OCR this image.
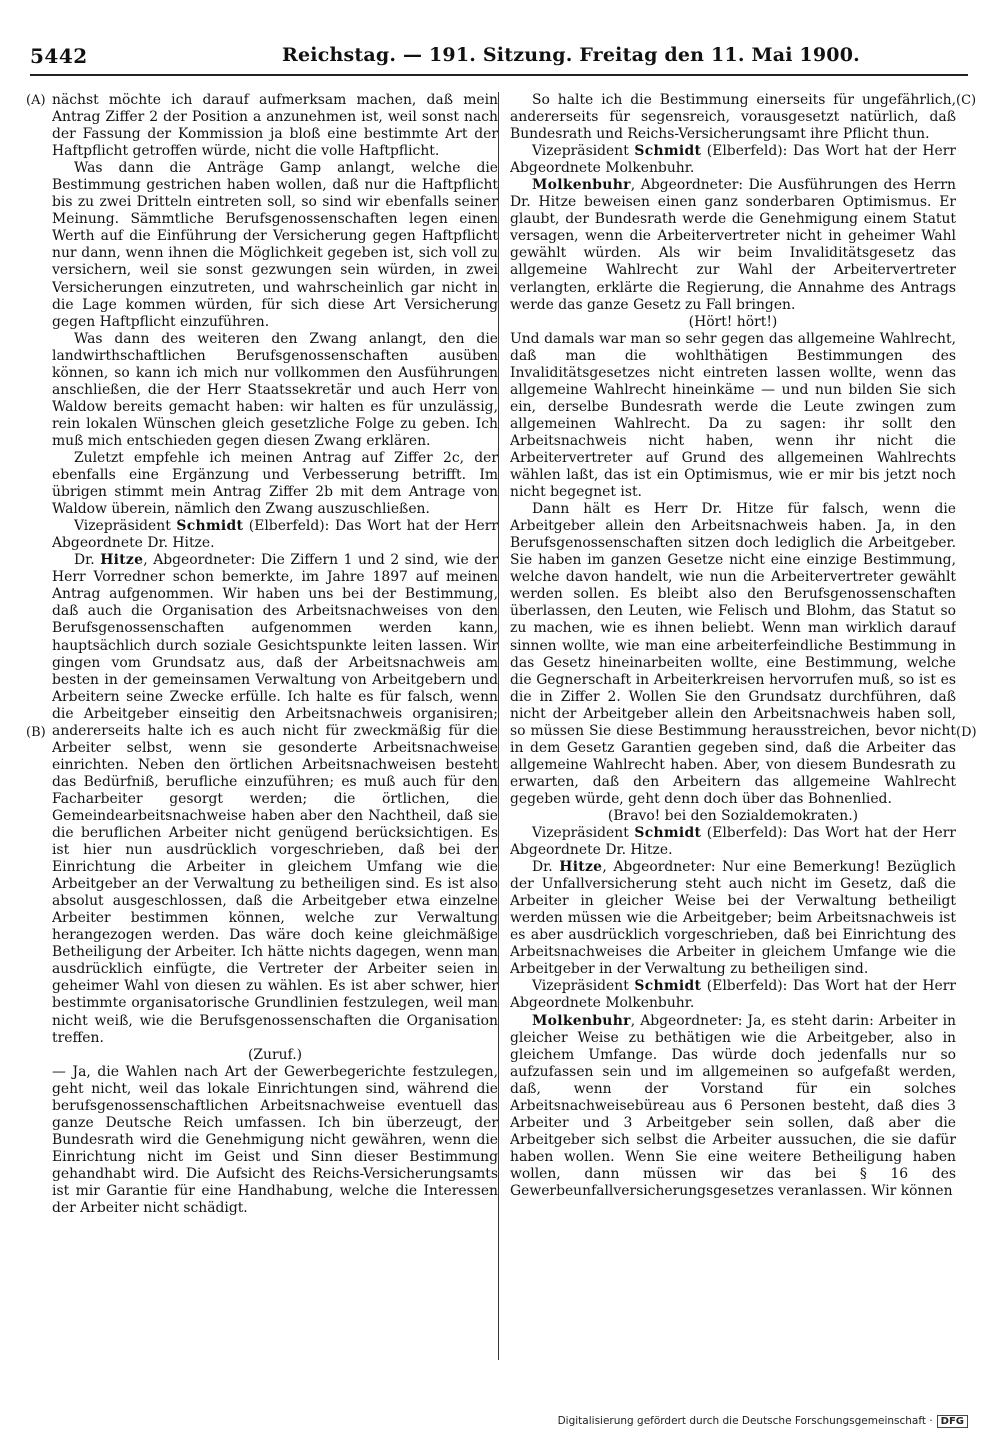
5442	Reichstag. — 191. Sitzung. Freitag den 11. Mai 1900.
(A)
(B)
(C)
(D)

nächst möchte ich darauf aufmerksam machen, daß mein Antrag Ziffer 2 der Position a anzunehmen ist, weil sonst nach der Fassung der Kommission ja bloß eine bestimmte Art der Haftpflicht getroffen würde, nicht die volle Haftpflicht.

Was dann die Anträge Gamp anlangt, welche die Bestimmung gestrichen haben wollen, daß nur die Haftpflicht bis zu zwei Dritteln eintreten soll, so sind wir ebenfalls seiner Meinung. Sämmtliche Berufsgenossenschaften legen einen Werth auf die Einführung der Versicherung gegen Haftpflicht nur dann, wenn ihnen die Möglichkeit gegeben ist, sich voll zu versichern, weil sie sonst gezwungen sein würden, in zwei Versicherungen einzutreten, und wahrscheinlich gar nicht in die Lage kommen würden, für sich diese Art Versicherung gegen Haftpflicht einzuführen.

Was dann des weiteren den Zwang anlangt, den die landwirthschaftlichen Berufsgenossenschaften ausüben können, so kann ich mich nur vollkommen den Ausführungen anschließen, die der Herr Staatssekretär und auch Herr von Waldow bereits gemacht haben: wir halten es für unzulässig, rein lokalen Wünschen gleich gesetzliche Folge zu geben. Ich muß mich entschieden gegen diesen Zwang erklären.

Zuletzt empfehle ich meinen Antrag auf Ziffer 2c, der ebenfalls eine Ergänzung und Verbesserung betrifft. Im übrigen stimmt mein Antrag Ziffer 2b mit dem Antrage von Waldow überein, nämlich den Zwang auszuschließen.

Vizepräsident Schmidt (Elberfeld): Das Wort hat der Herr Abgeordnete Dr. Hitze.

Dr. Hitze, Abgeordneter: Die Ziffern 1 und 2 sind, wie der Herr Vorredner schon bemerkte, im Jahre 1897 auf meinen Antrag aufgenommen. Wir haben uns bei der Bestimmung, daß auch die Organisation des Arbeitsnachweises von den Berufsgenossenschaften aufgenommen werden kann, hauptsächlich durch soziale Gesichtspunkte leiten lassen. Wir gingen vom Grundsatz aus, daß der Arbeitsnachweis am besten in der gemeinsamen Verwaltung von Arbeitgebern und Arbeitern seine Zwecke erfülle. Ich halte es für falsch, wenn die Arbeitgeber einseitig den Arbeitsnachweis organisiren; andererseits halte ich es auch nicht für zweckmäßig für die Arbeiter selbst, wenn sie gesonderte Arbeitsnachweise einrichten. Neben den örtlichen Arbeitsnachweisen besteht das Bedürfniß, berufliche einzuführen; es muß auch für den Facharbeiter gesorgt werden; die örtlichen, die Gemeindearbeitsnachweise haben aber den Nachtheil, daß sie die beruflichen Arbeiter nicht genügend berücksichtigen. Es ist hier nun ausdrücklich vorgeschrieben, daß bei der Einrichtung die Arbeiter in gleichem Umfang wie die Arbeitgeber an der Verwaltung zu betheiligen sind. Es ist also absolut ausgeschlossen, daß die Arbeitgeber etwa einzelne Arbeiter bestimmen können, welche zur Verwaltung herangezogen werden. Das wäre doch keine gleichmäßige Betheiligung der Arbeiter. Ich hätte nichts dagegen, wenn man ausdrücklich einfügte, die Vertreter der Arbeiter seien in geheimer Wahl von diesen zu wählen. Es ist aber schwer, hier bestimmte organisatorische Grundlinien festzulegen, weil man nicht weiß, wie die Berufsgenossenschaften die Organisation treffen.

(Zuruf.)

— Ja, die Wahlen nach Art der Gewerbegerichte festzulegen, geht nicht, weil das lokale Einrichtungen sind, während die berufsgenossenschaftlichen Arbeitsnachweise eventuell das ganze Deutsche Reich umfassen. Ich bin überzeugt, der Bundesrath wird die Genehmigung nicht gewähren, wenn die Einrichtung nicht im Geist und Sinn dieser Bestimmung gehandhabt wird. Die Aufsicht des Reichs-Versicherungsamts ist mir Garantie für eine Handhabung, welche die Interessen der Arbeiter nicht schädigt.

So halte ich die Bestimmung einerseits für ungefährlich, andererseits für segensreich, vorausgesetzt natürlich, daß Bundesrath und Reichs-Versicherungsamt ihre Pflicht thun.

Vizepräsident Schmidt (Elberfeld): Das Wort hat der Herr Abgeordnete Molkenbuhr.

Molkenbuhr, Abgeordneter: Die Ausführungen des Herrn Dr. Hitze beweisen einen ganz sonderbaren Optimismus. Er glaubt, der Bundesrath werde die Genehmigung einem Statut versagen, wenn die Arbeitervertreter nicht in geheimer Wahl gewählt würden. Als wir beim Invaliditätsgesetz das allgemeine Wahlrecht zur Wahl der Arbeitervertreter verlangten, erklärte die Regierung, die Annahme des Antrags werde das ganze Gesetz zu Fall bringen.

(Hört! hört!)

Und damals war man so sehr gegen das allgemeine Wahlrecht, daß man die wohlthätigen Bestimmungen des Invaliditätsgesetzes nicht eintreten lassen wollte, wenn das allgemeine Wahlrecht hineinkäme — und nun bilden Sie sich ein, derselbe Bundesrath werde die Leute zwingen zum allgemeinen Wahlrecht. Da zu sagen: ihr sollt den Arbeitsnachweis nicht haben, wenn ihr nicht die Arbeitervertreter auf Grund des allgemeinen Wahlrechts wählen laßt, das ist ein Optimismus, wie er mir bis jetzt noch nicht begegnet ist.

Dann hält es Herr Dr. Hitze für falsch, wenn die Arbeitgeber allein den Arbeitsnachweis haben. Ja, in den Berufsgenossenschaften sitzen doch lediglich die Arbeitgeber. Sie haben im ganzen Gesetze nicht eine einzige Bestimmung, welche davon handelt, wie nun die Arbeitervertreter gewählt werden sollen. Es bleibt also den Berufsgenossenschaften überlassen, den Leuten, wie Felisch und Blohm, das Statut so zu machen, wie es ihnen beliebt. Wenn man wirklich darauf sinnen wollte, wie man eine arbeiterfeindliche Bestimmung in das Gesetz hineinarbeiten wollte, eine Bestimmung, welche die Gegnerschaft in Arbeiterkreisen hervorrufen muß, so ist es die in Ziffer 2. Wollen Sie den Grundsatz durchführen, daß nicht der Arbeitgeber allein den Arbeitsnachweis haben soll, so müssen Sie diese Bestimmung herausstreichen, bevor nicht in dem Gesetz Garantien gegeben sind, daß die Arbeiter das allgemeine Wahlrecht haben. Aber, von diesem Bundesrath zu erwarten, daß den Arbeitern das allgemeine Wahlrecht gegeben würde, geht denn doch über das Bohnenlied.

(Bravo! bei den Sozialdemokraten.)

Vizepräsident Schmidt (Elberfeld): Das Wort hat der Herr Abgeordnete Dr. Hitze.

Dr. Hitze, Abgeordneter: Nur eine Bemerkung! Bezüglich der Unfallversicherung steht auch nicht im Gesetz, daß die Arbeiter in gleicher Weise bei der Verwaltung betheiligt werden müssen wie die Arbeitgeber; beim Arbeitsnachweis ist es aber ausdrücklich vorgeschrieben, daß bei Einrichtung des Arbeitsnachweises die Arbeiter in gleichem Umfange wie die Arbeitgeber in der Verwaltung zu betheiligen sind.

Vizepräsident Schmidt (Elberfeld): Das Wort hat der Herr Abgeordnete Molkenbuhr.

Molkenbuhr, Abgeordneter: Ja, es steht darin: Arbeiter in gleicher Weise zu bethätigen wie die Arbeitgeber, also in gleichem Umfange. Das würde doch jedenfalls nur so aufzufassen sein und im allgemeinen so aufgefaßt werden, daß, wenn der Vorstand für ein solches Arbeitsnachweisebüreau aus 6 Personen besteht, daß dies 3 Arbeiter und 3 Arbeitgeber sein sollen, daß aber die Arbeitgeber sich selbst die Arbeiter aussuchen, die sie dafür haben wollen. Wenn Sie eine weitere Betheiligung haben wollen, dann müssen wir das bei § 16 des Gewerbeunfallversicherungsgesetzes veranlassen. Wir können

Digitalisierung gefördert durch die Deutsche Forschungsgemeinschaft · DFG
